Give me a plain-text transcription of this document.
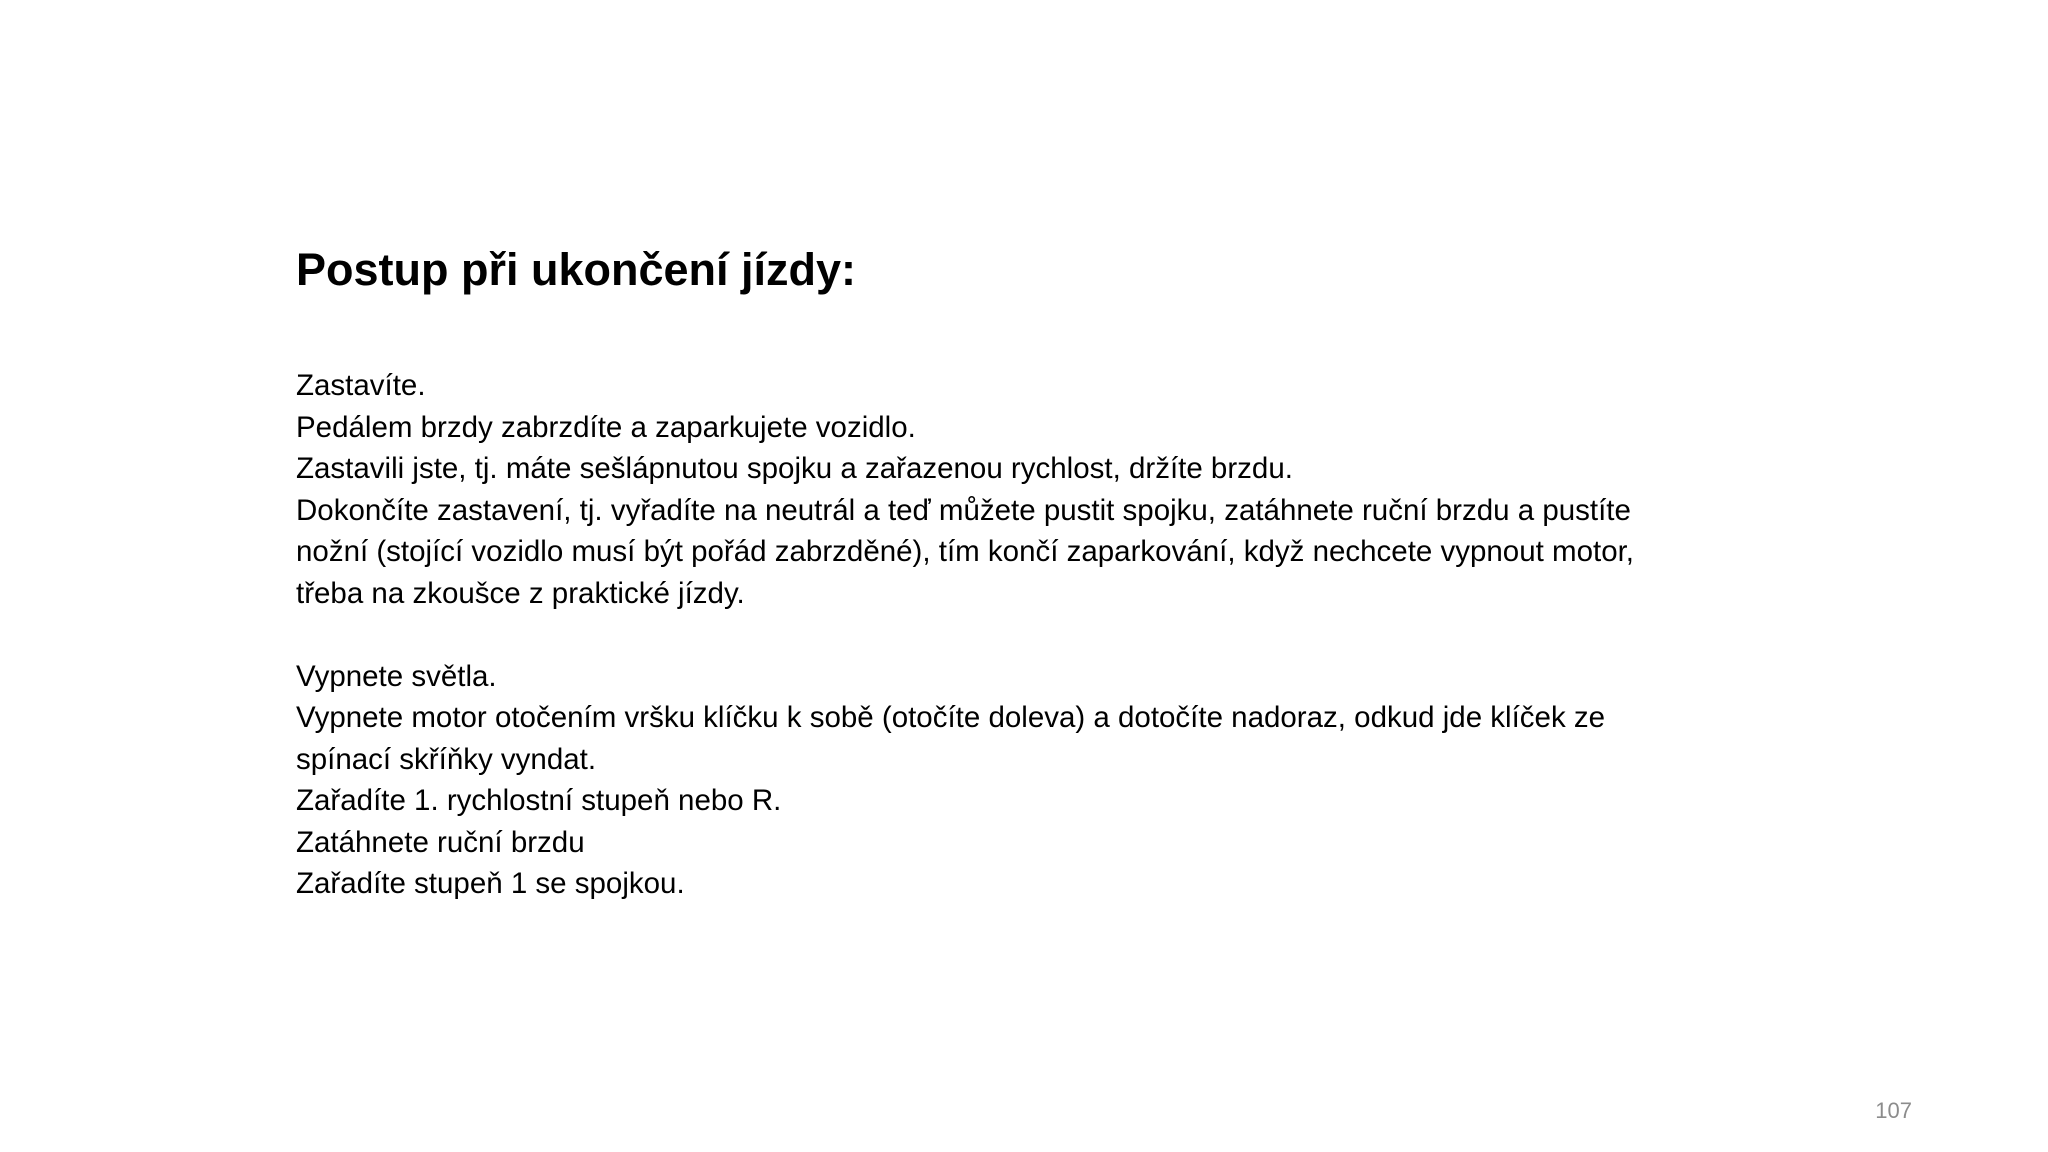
Postup při ukončení jízdy:

Zastavíte.
Pedálem brzdy zabrzdíte a zaparkujete vozidlo.
Zastavili jste, tj. máte sešlápnutou spojku a zařazenou rychlost, držíte brzdu.
Dokončíte zastavení, tj. vyřadíte na neutrál a teď můžete pustit spojku, zatáhnete ruční brzdu a pustíte
nožní (stojící vozidlo musí být pořád zabrzděné), tím končí zaparkování, když nechcete vypnout motor,
třeba na zkoušce z praktické jízdy.

Vypnete světla.
Vypnete motor otočením vršku klíčku k sobě (otočíte doleva) a dotočíte nadoraz, odkud jde klíček ze
spínací skříňky vyndat.
Zařadíte 1. rychlostní stupeň nebo R.
Zatáhnete ruční brzdu
Zařadíte stupeň 1 se spojkou.

107
